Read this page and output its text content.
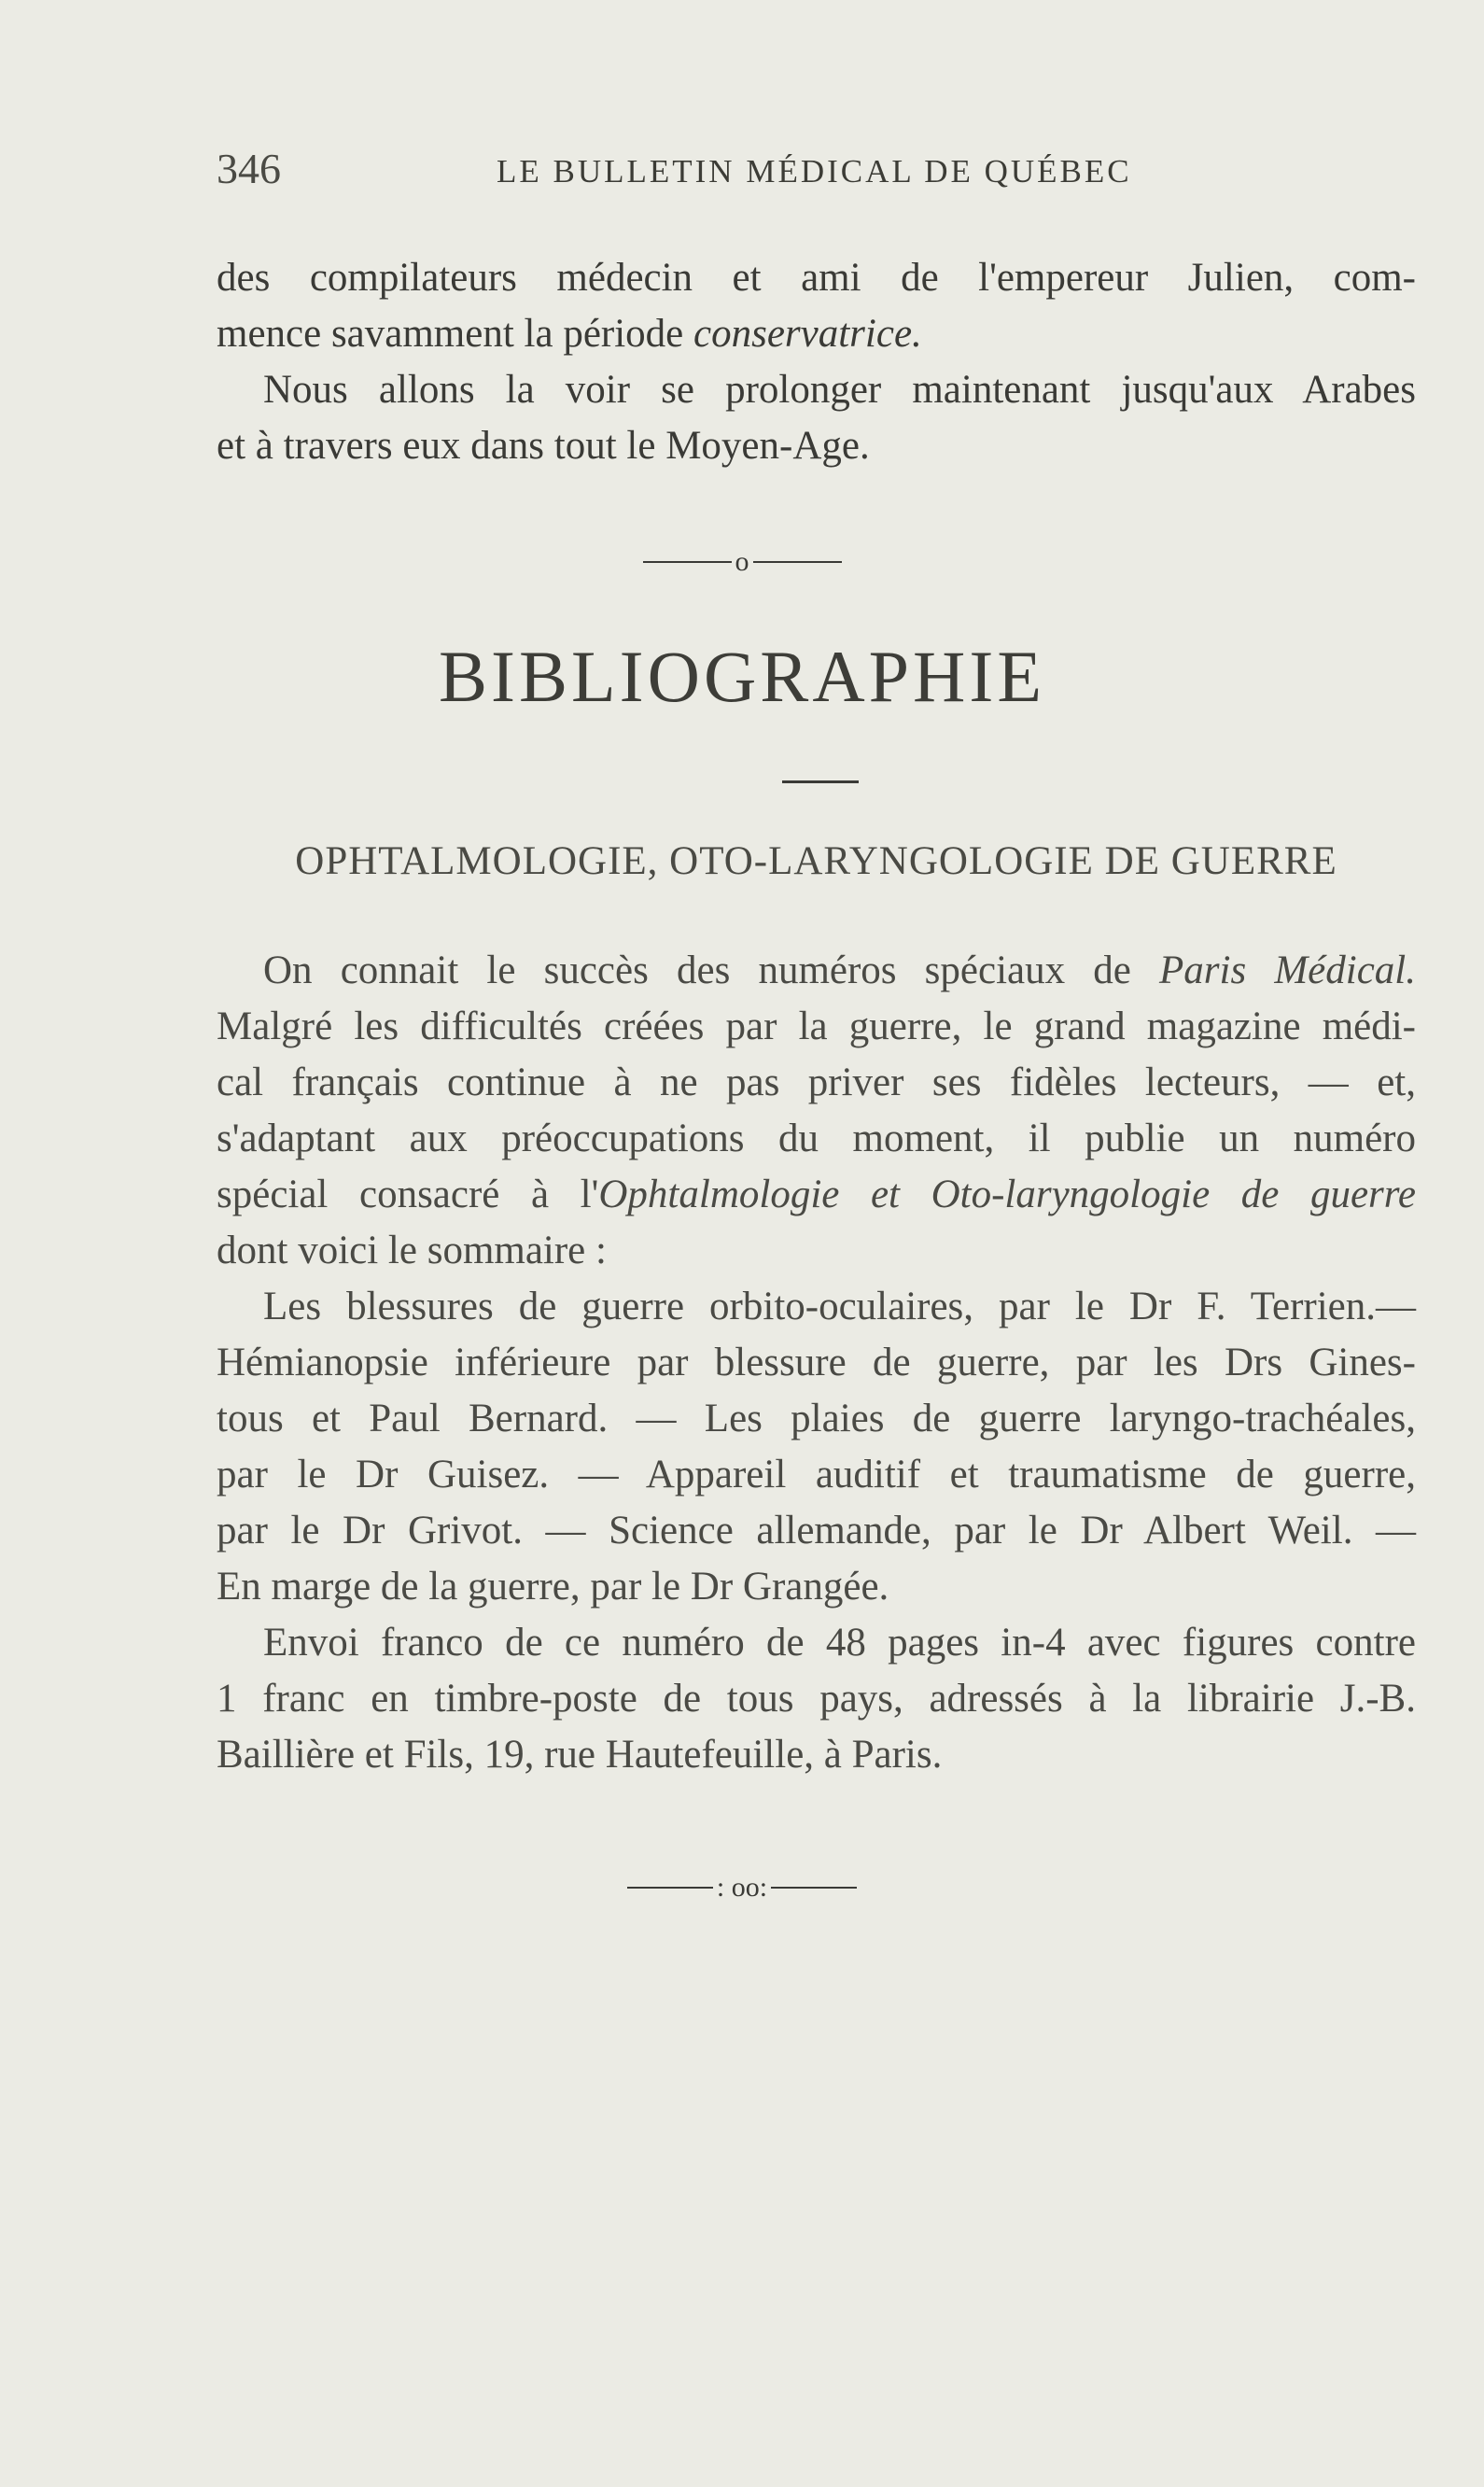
346	LE BULLETIN MÉDICAL DE QUÉBEC

des compilateurs médecin et ami de l'empereur Julien, com-

mence savamment la période conservatrice.

Nous allons la voir se prolonger maintenant jusqu'aux Arabes

et à travers eux dans tout le Moyen-Age.

o
BIBLIOGRAPHIE
OPHTALMOLOGIE, OTO-LARYNGOLOGIE DE GUERRE

On connait le succès des numéros spéciaux de Paris Médical.

Malgré les difficultés créées par la guerre, le grand magazine médi-

cal français continue à ne pas priver ses fidèles lecteurs, — et,

s'adaptant aux préoccupations du moment, il publie un numéro

spécial consacré à l'Ophtalmologie et Oto-laryngologie de guerre

dont voici le sommaire :

Les blessures de guerre orbito-oculaires, par le Dr F. Terrien.—

Hémianopsie inférieure par blessure de guerre, par les Drs Gines-

tous et Paul Bernard. — Les plaies de guerre laryngo-trachéales,

par le Dr Guisez. — Appareil auditif et traumatisme de guerre,

par le Dr Grivot. — Science allemande, par le Dr Albert Weil. —

En marge de la guerre, par le Dr Grangée.

Envoi franco de ce numéro de 48 pages in-4 avec figures contre

1 franc en timbre-poste de tous pays, adressés à la librairie J.-B.

Baillière et Fils, 19, rue Hautefeuille, à Paris.

: oo:
